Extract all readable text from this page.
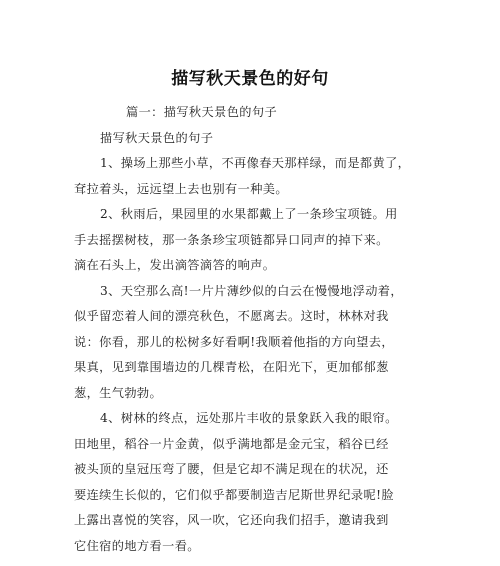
描写秋天景色的好句
篇一：描写秋天景色的句子
描写秋天景色的句子
1、操场上那些小草，不再像春天那样绿，而是都黄了，
耷拉着头，远远望上去也别有一种美。
2、秋雨后，果园里的水果都戴上了一条珍宝项链。用
手去摇摆树枝，那一条条珍宝项链都异口同声的掉下来。
滴在石头上，发出滴答滴答的响声。
3、天空那么高!一片片薄纱似的白云在慢慢地浮动着，
似乎留恋着人间的漂亮秋色，不愿离去。这时，林林对我
说：你看，那儿的松树多好看啊!我顺着他指的方向望去，
果真，见到靠围墙边的几棵青松，在阳光下，更加郁郁葱
葱，生气勃勃。
4、树林的终点，远处那片丰收的景象跃入我的眼帘。
田地里，稻谷一片金黄，似乎满地都是金元宝，稻谷已经
被头顶的皇冠压弯了腰，但是它却不满足现在的状况，还
要连续生长似的，它们似乎都要制造吉尼斯世界纪录呢!脸
上露出喜悦的笑容，风一吹，它还向我们招手，邀请我到
它住宿的地方看一看。
